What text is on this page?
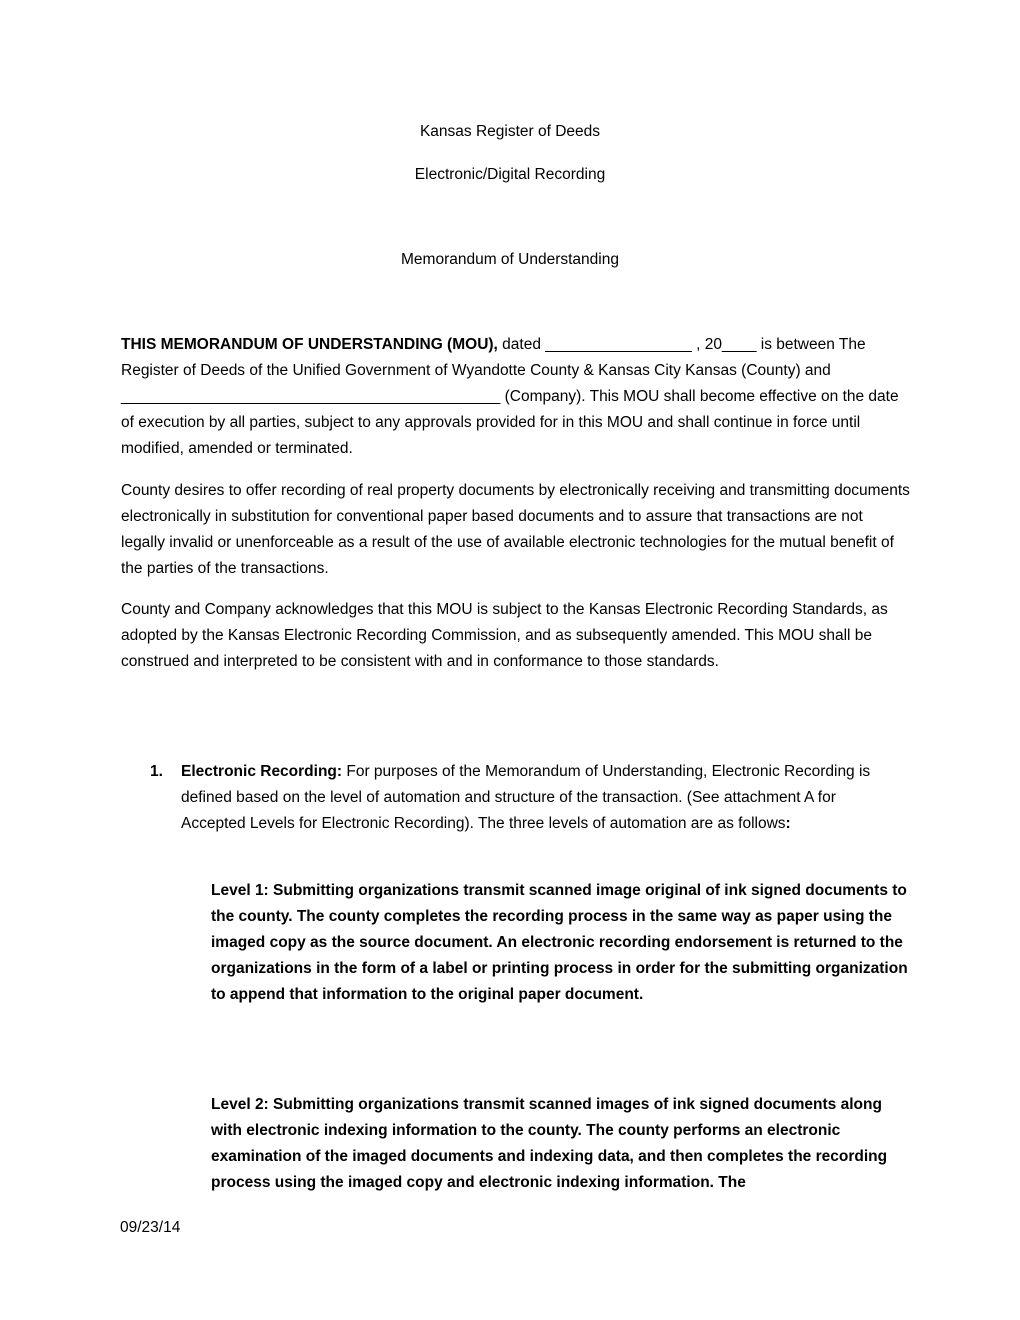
Kansas Register of Deeds
Electronic/Digital Recording
Memorandum of Understanding

THIS MEMORANDUM OF UNDERSTANDING (MOU), dated _________________ , 20____ is between The Register of Deeds of the Unified Government of Wyandotte County & Kansas City Kansas (County) and ____________________________________________ (Company). This MOU shall become effective on the date of execution by all parties, subject to any approvals provided for in this MOU and shall continue in force until modified, amended or terminated.

County desires to offer recording of real property documents by electronically receiving and transmitting documents electronically in substitution for conventional paper based documents and to assure that transactions are not legally invalid or unenforceable as a result of the use of available electronic technologies for the mutual benefit of the parties of the transactions.

County and Company acknowledges that this MOU is subject to the Kansas Electronic Recording Standards, as adopted by the Kansas Electronic Recording Commission, and as subsequently amended. This MOU shall be construed and interpreted to be consistent with and in conformance to those standards.

1. Electronic Recording: For purposes of the Memorandum of Understanding, Electronic Recording is defined based on the level of automation and structure of the transaction. (See attachment A for Accepted Levels for Electronic Recording). The three levels of automation are as follows:

Level 1: Submitting organizations transmit scanned image original of ink signed documents to the county. The county completes the recording process in the same way as paper using the imaged copy as the source document. An electronic recording endorsement is returned to the organizations in the form of a label or printing process in order for the submitting organization to append that information to the original paper document.

Level 2: Submitting organizations transmit scanned images of ink signed documents along with electronic indexing information to the county. The county performs an electronic examination of the imaged documents and indexing data, and then completes the recording process using the imaged copy and electronic indexing information. The

09/23/14
